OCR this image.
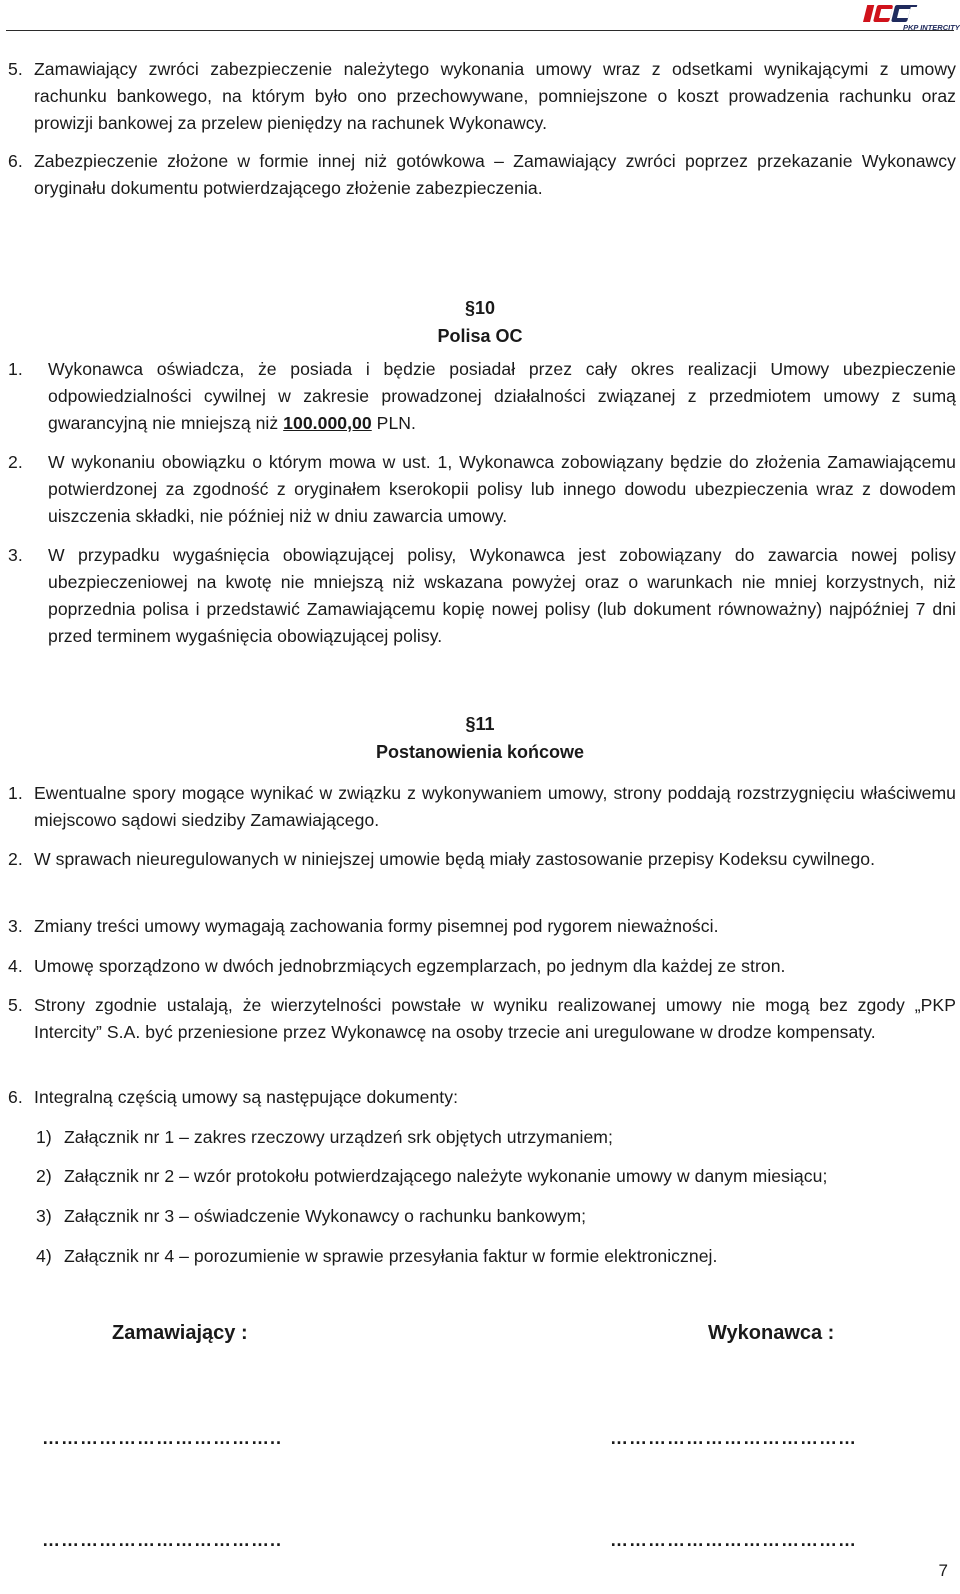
PKP INTERCITY
5. Zamawiający zwróci zabezpieczenie należytego wykonania umowy wraz z odsetkami wynikającymi z umowy rachunku bankowego, na którym było ono przechowywane, pomniejszone o koszt prowadzenia rachunku oraz prowizji bankowej za przelew pieniędzy na rachunek Wykonawcy.
6. Zabezpieczenie złożone w formie innej niż gotówkowa – Zamawiający zwróci poprzez przekazanie Wykonawcy oryginału dokumentu potwierdzającego złożenie zabezpieczenia.
§10
Polisa OC
1. Wykonawca oświadcza, że posiada i będzie posiadał przez cały okres realizacji Umowy ubezpieczenie odpowiedzialności cywilnej w zakresie prowadzonej działalności związanej z przedmiotem umowy z sumą gwarancyjną nie mniejszą niż 100.000,00 PLN.
2. W wykonaniu obowiązku o którym mowa w ust. 1, Wykonawca zobowiązany będzie do złożenia Zamawiającemu potwierdzonej za zgodność z oryginałem kserokopii polisy lub innego dowodu ubezpieczenia wraz z dowodem uiszczenia składki, nie później niż w dniu zawarcia umowy.
3. W przypadku wygaśnięcia obowiązującej polisy, Wykonawca jest zobowiązany do zawarcia nowej polisy ubezpieczeniowej na kwotę nie mniejszą niż wskazana powyżej oraz o warunkach nie mniej korzystnych, niż poprzednia polisa i przedstawić Zamawiającemu kopię nowej polisy (lub dokument równoważny) najpóźniej 7 dni przed terminem wygaśnięcia obowiązującej polisy.
§11
Postanowienia końcowe
1. Ewentualne spory mogące wynikać w związku z wykonywaniem umowy, strony poddają rozstrzygnięciu właściwemu miejscowo sądowi siedziby Zamawiającego.
2. W sprawach nieuregulowanych w niniejszej umowie będą miały zastosowanie przepisy Kodeksu cywilnego.
3. Zmiany treści umowy wymagają zachowania formy pisemnej pod rygorem nieważności.
4. Umowę sporządzono w dwóch jednobrzmiących egzemplarzach, po jednym dla każdej ze stron.
5. Strony zgodnie ustalają, że wierzytelności powstałe w wyniku realizowanej umowy nie mogą bez zgody „PKP Intercity” S.A. być przeniesione przez Wykonawcę na osoby trzecie ani uregulowane w drodze kompensaty.
6. Integralną częścią umowy są następujące dokumenty:
1) Załącznik nr 1 – zakres rzeczowy urządzeń srk objętych utrzymaniem;
2) Załącznik nr 2 – wzór protokołu potwierdzającego należyte wykonanie umowy w danym miesiącu;
3) Załącznik nr 3 – oświadczenie Wykonawcy o rachunku bankowym;
4) Załącznik nr 4 – porozumienie w sprawie przesyłania faktur w formie elektronicznej.
Zamawiający :	Wykonawca :
………………………………..	…………………………………
………………………………..	…………………………………
7
